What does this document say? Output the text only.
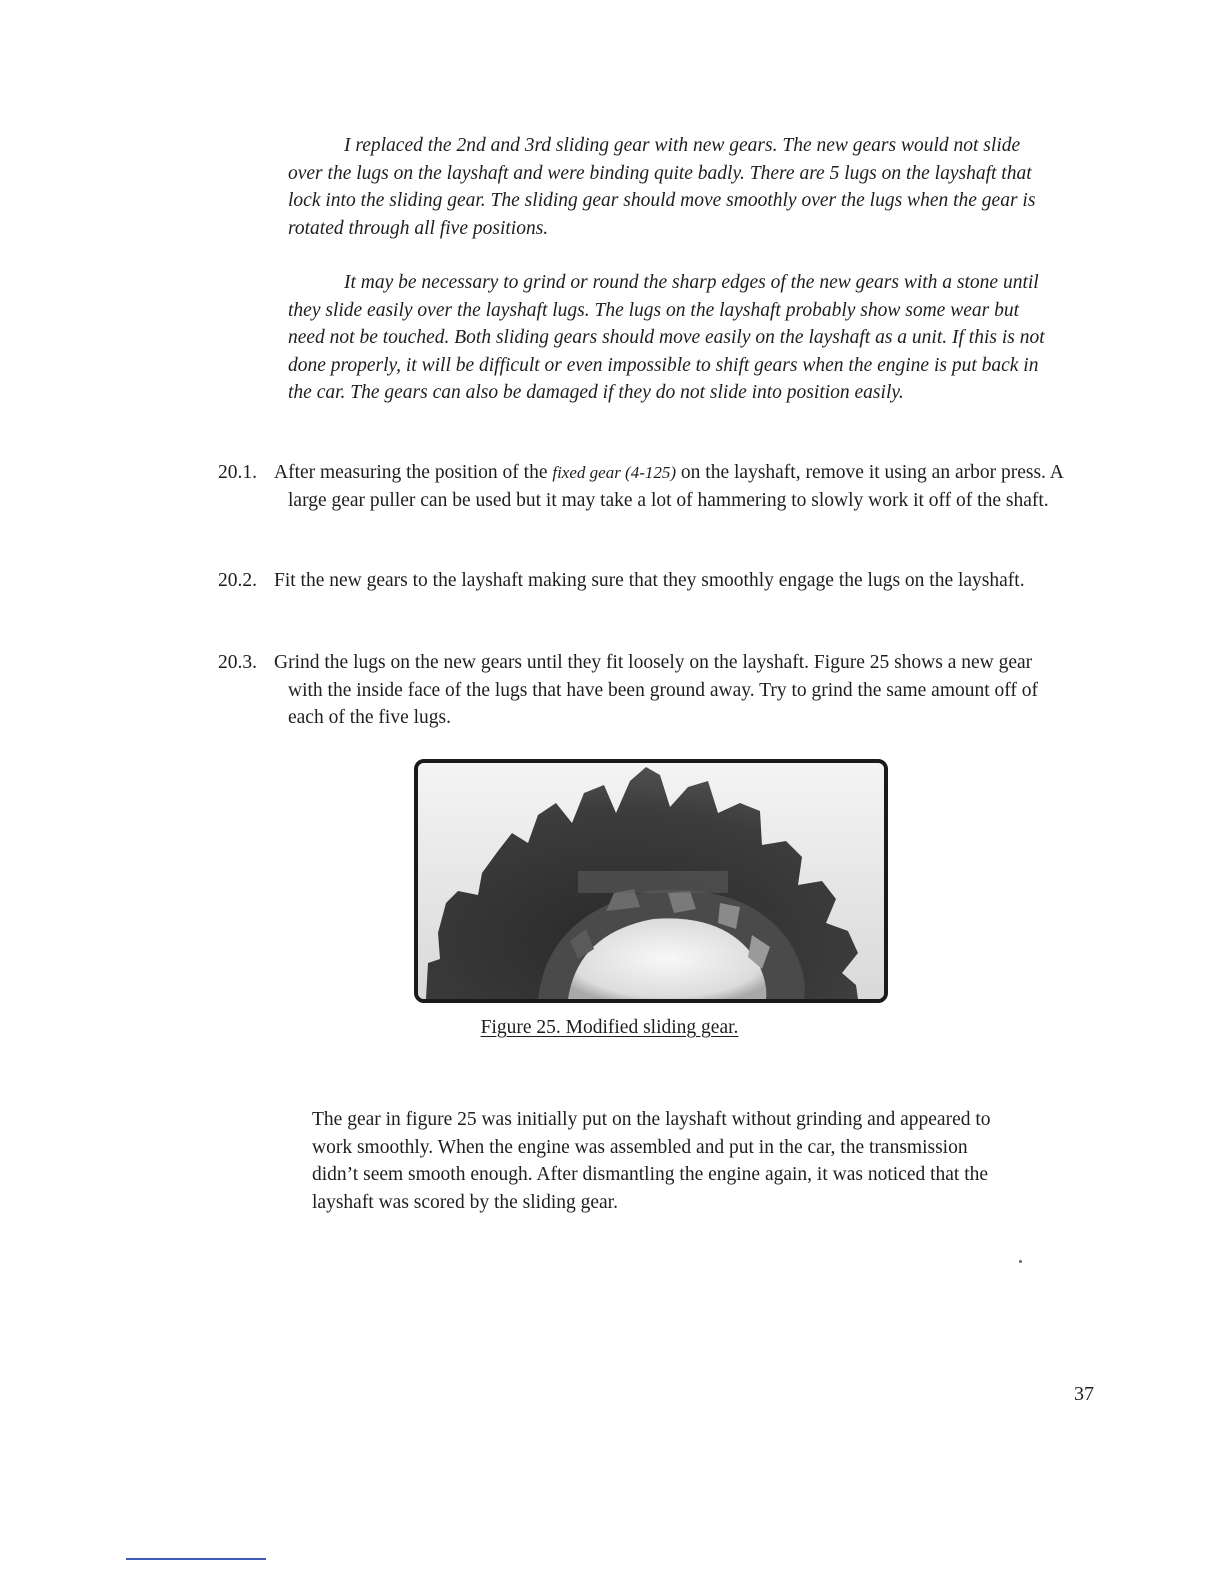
I replaced the 2nd and 3rd sliding gear with new gears. The new gears would not slide over the lugs on the layshaft and were binding quite badly. There are 5 lugs on the layshaft that lock into the sliding gear. The sliding gear should move smoothly over the lugs when the gear is rotated through all five positions.

It may be necessary to grind or round the sharp edges of the new gears with a stone until they slide easily over the layshaft lugs. The lugs on the layshaft probably show some wear but need not be touched. Both sliding gears should move easily on the layshaft as a unit. If this is not done properly, it will be difficult or even impossible to shift gears when the engine is put back in the car. The gears can also be damaged if they do not slide into position easily.

20.1. After measuring the position of the fixed gear (4-125) on the layshaft, remove it using an arbor press. A large gear puller can be used but it may take a lot of hammering to slowly work it off of the shaft.
20.2. Fit the new gears to the layshaft making sure that they smoothly engage the lugs on the layshaft.
20.3. Grind the lugs on the new gears until they fit loosely on the layshaft. Figure 25 shows a new gear with the inside face of the lugs that have been ground away. Try to grind the same amount off of each of the five lugs.
Figure 25. Modified sliding gear.

The gear in figure 25 was initially put on the layshaft without grinding and appeared to work smoothly. When the engine was assembled and put in the car, the transmission didn’t seem smooth enough. After dismantling the engine again, it was noticed that the layshaft was scored by the sliding gear.

37
